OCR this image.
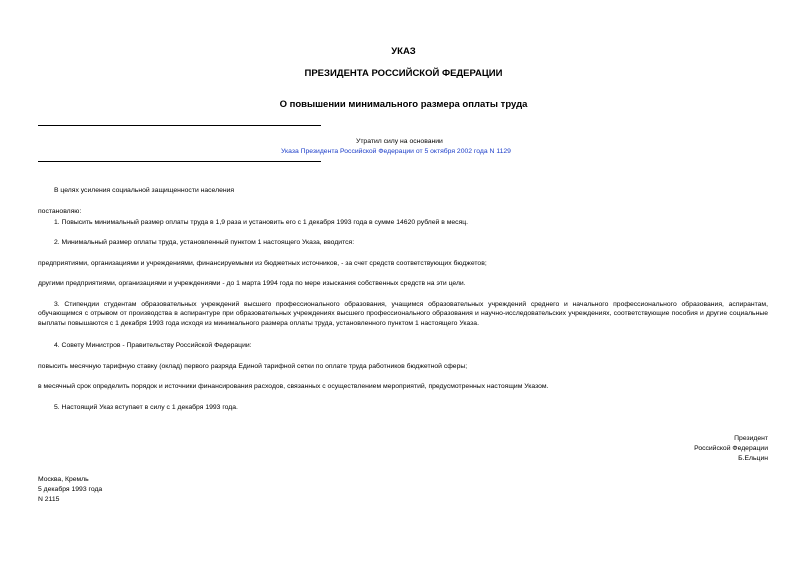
УКАЗ
ПРЕЗИДЕНТА РОССИЙСКОЙ ФЕДЕРАЦИИ
О повышении минимального размера оплаты труда
Утратил силу на основании
Указа Президента Российской Федерации от 5 октября 2002 года N 1129
В целях усиления социальной защищенности населения
постановляю:
1. Повысить минимальный размер оплаты труда в 1,9 раза и установить его с 1 декабря 1993 года в сумме 14620 рублей в месяц.
2. Минимальный размер оплаты труда, установленный пунктом 1 настоящего Указа, вводится:
предприятиями, организациями и учреждениями, финансируемыми из бюджетных источников, - за счет средств соответствующих бюджетов;
другими предприятиями, организациями и учреждениями - до 1 марта 1994 года по мере изыскания собственных средств на эти цели.
3. Стипендии студентам образовательных учреждений высшего профессионального образования, учащимся образовательных учреждений среднего и начального профессионального образования, аспирантам, обучающимся с отрывом от производства в аспирантуре при образовательных учреждениях высшего профессионального образования и научно-исследовательских учреждениях, соответствующие пособия и другие социальные выплаты повышаются с 1 декабря 1993 года исходя из минимального размера оплаты труда, установленного пунктом 1 настоящего Указа.
4. Совету Министров - Правительству Российской Федерации:
повысить месячную тарифную ставку (оклад) первого разряда Единой тарифной сетки по оплате труда работников бюджетной сферы;
в месячный срок определить порядок и источники финансирования расходов, связанных с осуществлением мероприятий, предусмотренных настоящим Указом.
5. Настоящий Указ вступает в силу с 1 декабря 1993 года.
Президент
Российской Федерации
Б.Ельцин
Москва, Кремль
5 декабря 1993 года
N 2115
